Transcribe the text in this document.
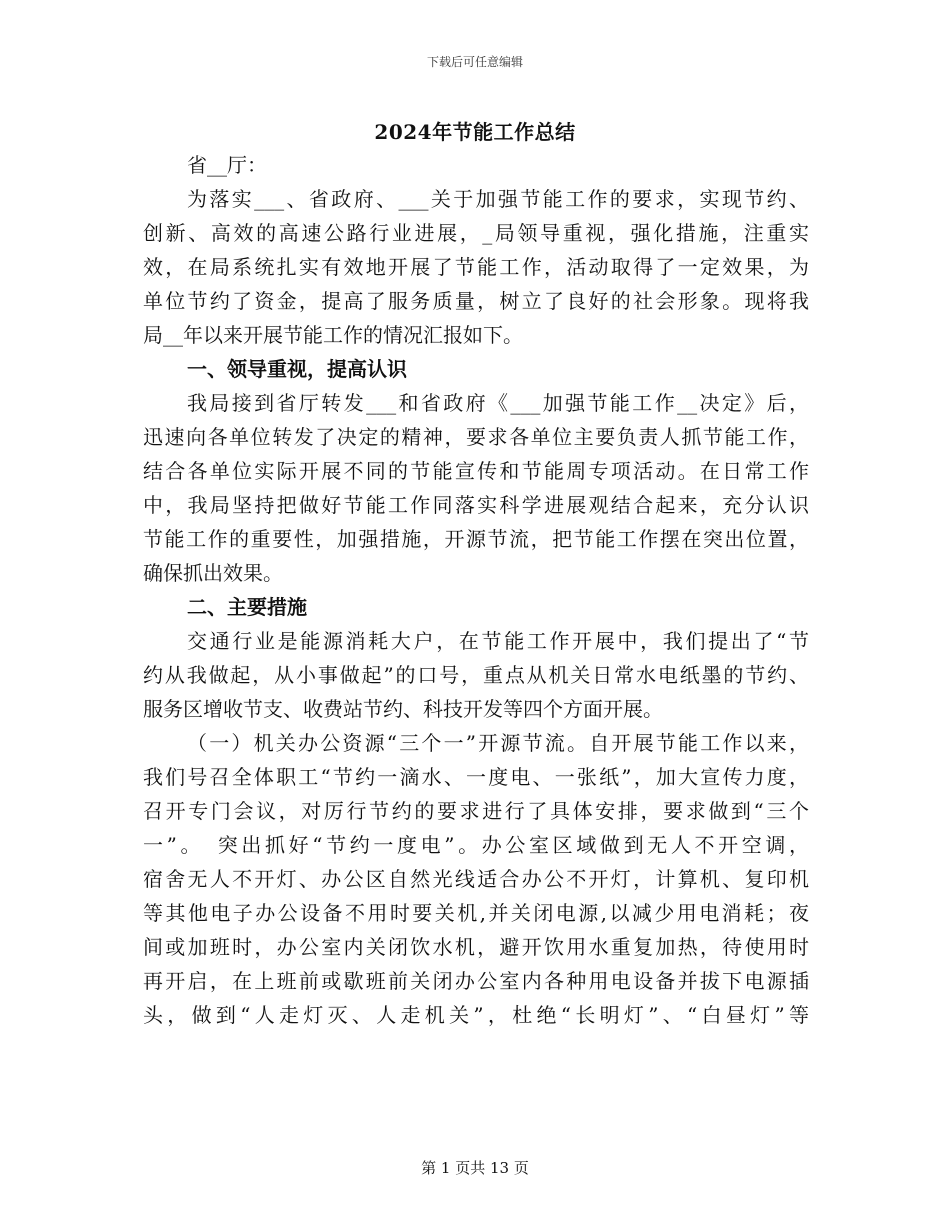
下载后可任意编辑
2024年节能工作总结
省__厅：
为落实___、省政府、___关于加强节能工作的要求，实现节约、
创新、高效的高速公路行业进展，_局领导重视，强化措施，注重实
效，在局系统扎实有效地开展了节能工作，活动取得了一定效果，为
单位节约了资金，提高了服务质量，树立了良好的社会形象。现将我
局__年以来开展节能工作的情况汇报如下。
一、领导重视，提高认识
我局接到省厅转发___和省政府《___加强节能工作__决定》后，
迅速向各单位转发了决定的精神，要求各单位主要负责人抓节能工作，
结合各单位实际开展不同的节能宣传和节能周专项活动。在日常工作
中，我局坚持把做好节能工作同落实科学进展观结合起来，充分认识
节能工作的重要性，加强措施，开源节流，把节能工作摆在突出位置，
确保抓出效果。
二、主要措施
交通行业是能源消耗大户，在节能工作开展中，我们提出了“节
约从我做起，从小事做起”的口号，重点从机关日常水电纸墨的节约、
服务区增收节支、收费站节约、科技开发等四个方面开展。
（一）机关办公资源“三个一”开源节流。自开展节能工作以来，
我们号召全体职工“节约一滴水、一度电、一张纸”，加大宣传力度，
召开专门会议，对厉行节约的要求进行了具体安排，要求做到“三个
一”。　突出抓好“节约一度电”。办公室区域做到无人不开空调，
宿舍无人不开灯、办公区自然光线适合办公不开灯，计算机、复印机
等其他电子办公设备不用时要关机,并关闭电源,以减少用电消耗；夜
间或加班时，办公室内关闭饮水机，避开饮用水重复加热，待使用时
再开启，在上班前或歇班前关闭办公室内各种用电设备并拔下电源插
头，做到“人走灯灭、人走机关”，杜绝“长明灯”、“白昼灯”等
第 1 页共 13 页
